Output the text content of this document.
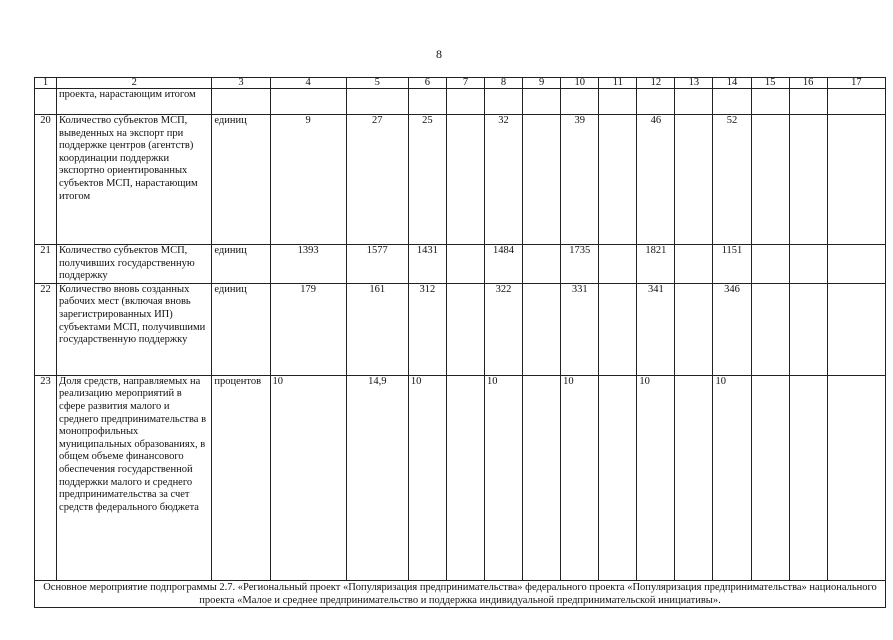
8
1	2	3	4	5	6	7	8	9	10	11	12	13	14	15	16	17
	проекта, нарастающим итогом															
20	Количество субъектов МСП, выведенных на экспорт при поддержке центров (агентств) координации поддержки экспортно ориентированных субъектов МСП, нарастающим итогом	единиц	9	27	25		32		39		46		52			
21	Количество субъектов МСП, получивших государственную поддержку	единиц	1393	1577	1431		1484		1735		1821		1151			
22	Количество вновь созданных рабочих мест (включая вновь зарегистрированных ИП) субъектами МСП, получившими государственную поддержку	единиц	179	161	312		322		331		341		346			
23	Доля средств, направляемых на реализацию мероприятий в сфере развития малого и среднего предпринимательства в монопрофильных муниципальных образованиях, в общем объеме финансового обеспечения государственной поддержки малого и среднего предпринимательства за счет средств федерального бюджета	процентов	10	14,9	10		10		10		10		10			
Основное мероприятие подпрограммы 2.7. «Региональный проект «Популяризация предпринимательства» федерального проекта «Популяризация предпринимательства» национального проекта «Малое и среднее предпринимательство и поддержка индивидуальной предпринимательской инициативы».																
